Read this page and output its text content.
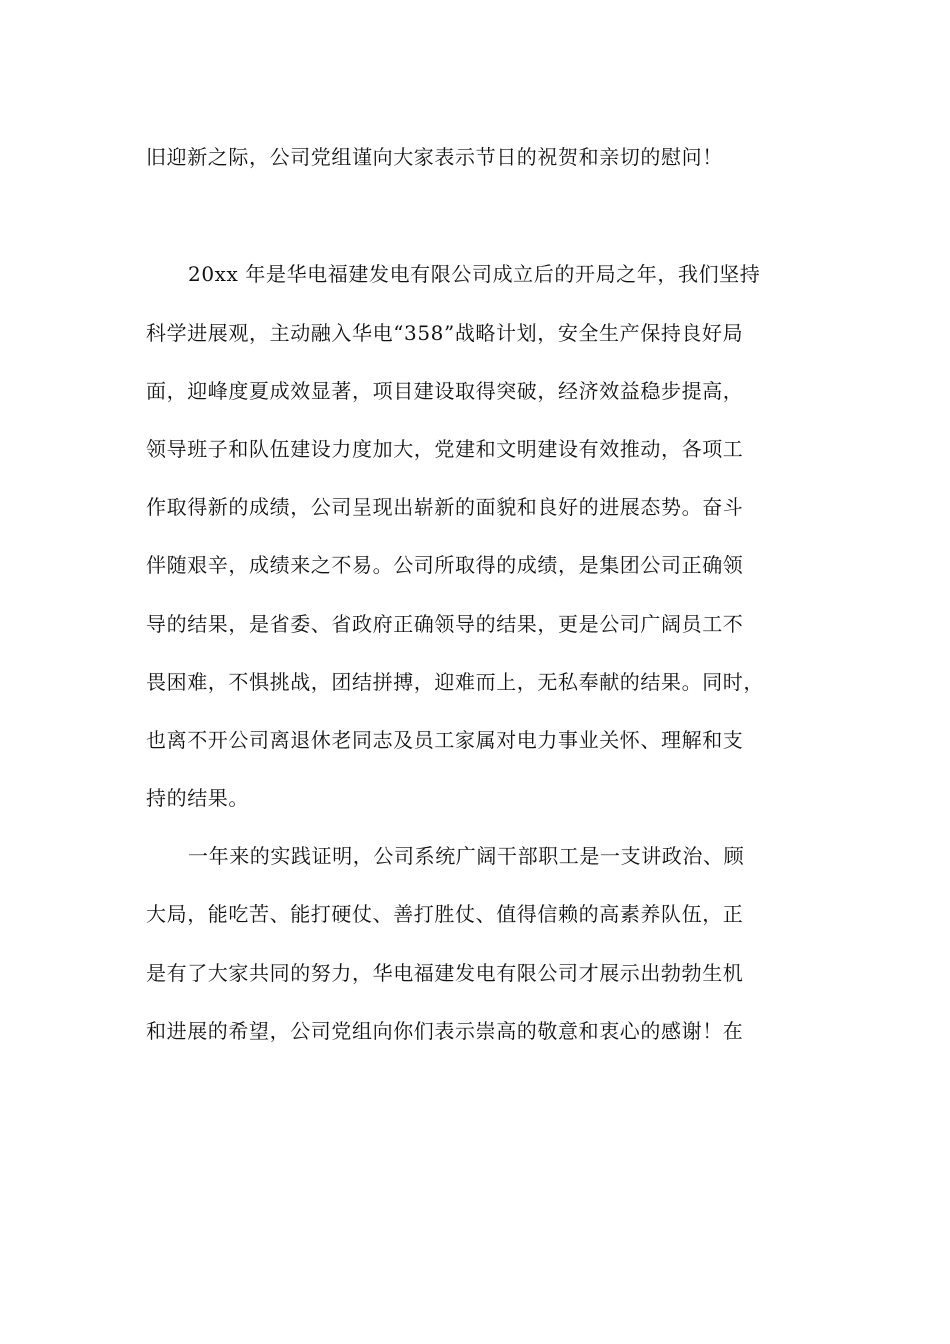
旧迎新之际，公司党组谨向大家表示节日的祝贺和亲切的慰问！
20xx 年是华电福建发电有限公司成立后的开局之年，我们坚持
科学进展观，主动融入华电“358”战略计划，安全生产保持良好局
面，迎峰度夏成效显著，项目建设取得突破，经济效益稳步提高，
领导班子和队伍建设力度加大，党建和文明建设有效推动，各项工
作取得新的成绩，公司呈现出崭新的面貌和良好的进展态势。奋斗
伴随艰辛，成绩来之不易。公司所取得的成绩，是集团公司正确领
导的结果，是省委、省政府正确领导的结果，更是公司广阔员工不
畏困难，不惧挑战，团结拼搏，迎难而上，无私奉献的结果。同时，
也离不开公司离退休老同志及员工家属对电力事业关怀、理解和支
持的结果。
一年来的实践证明，公司系统广阔干部职工是一支讲政治、顾
大局，能吃苦、能打硬仗、善打胜仗、值得信赖的高素养队伍，正
是有了大家共同的努力，华电福建发电有限公司才展示出勃勃生机
和进展的希望，公司党组向你们表示崇高的敬意和衷心的感谢！在
